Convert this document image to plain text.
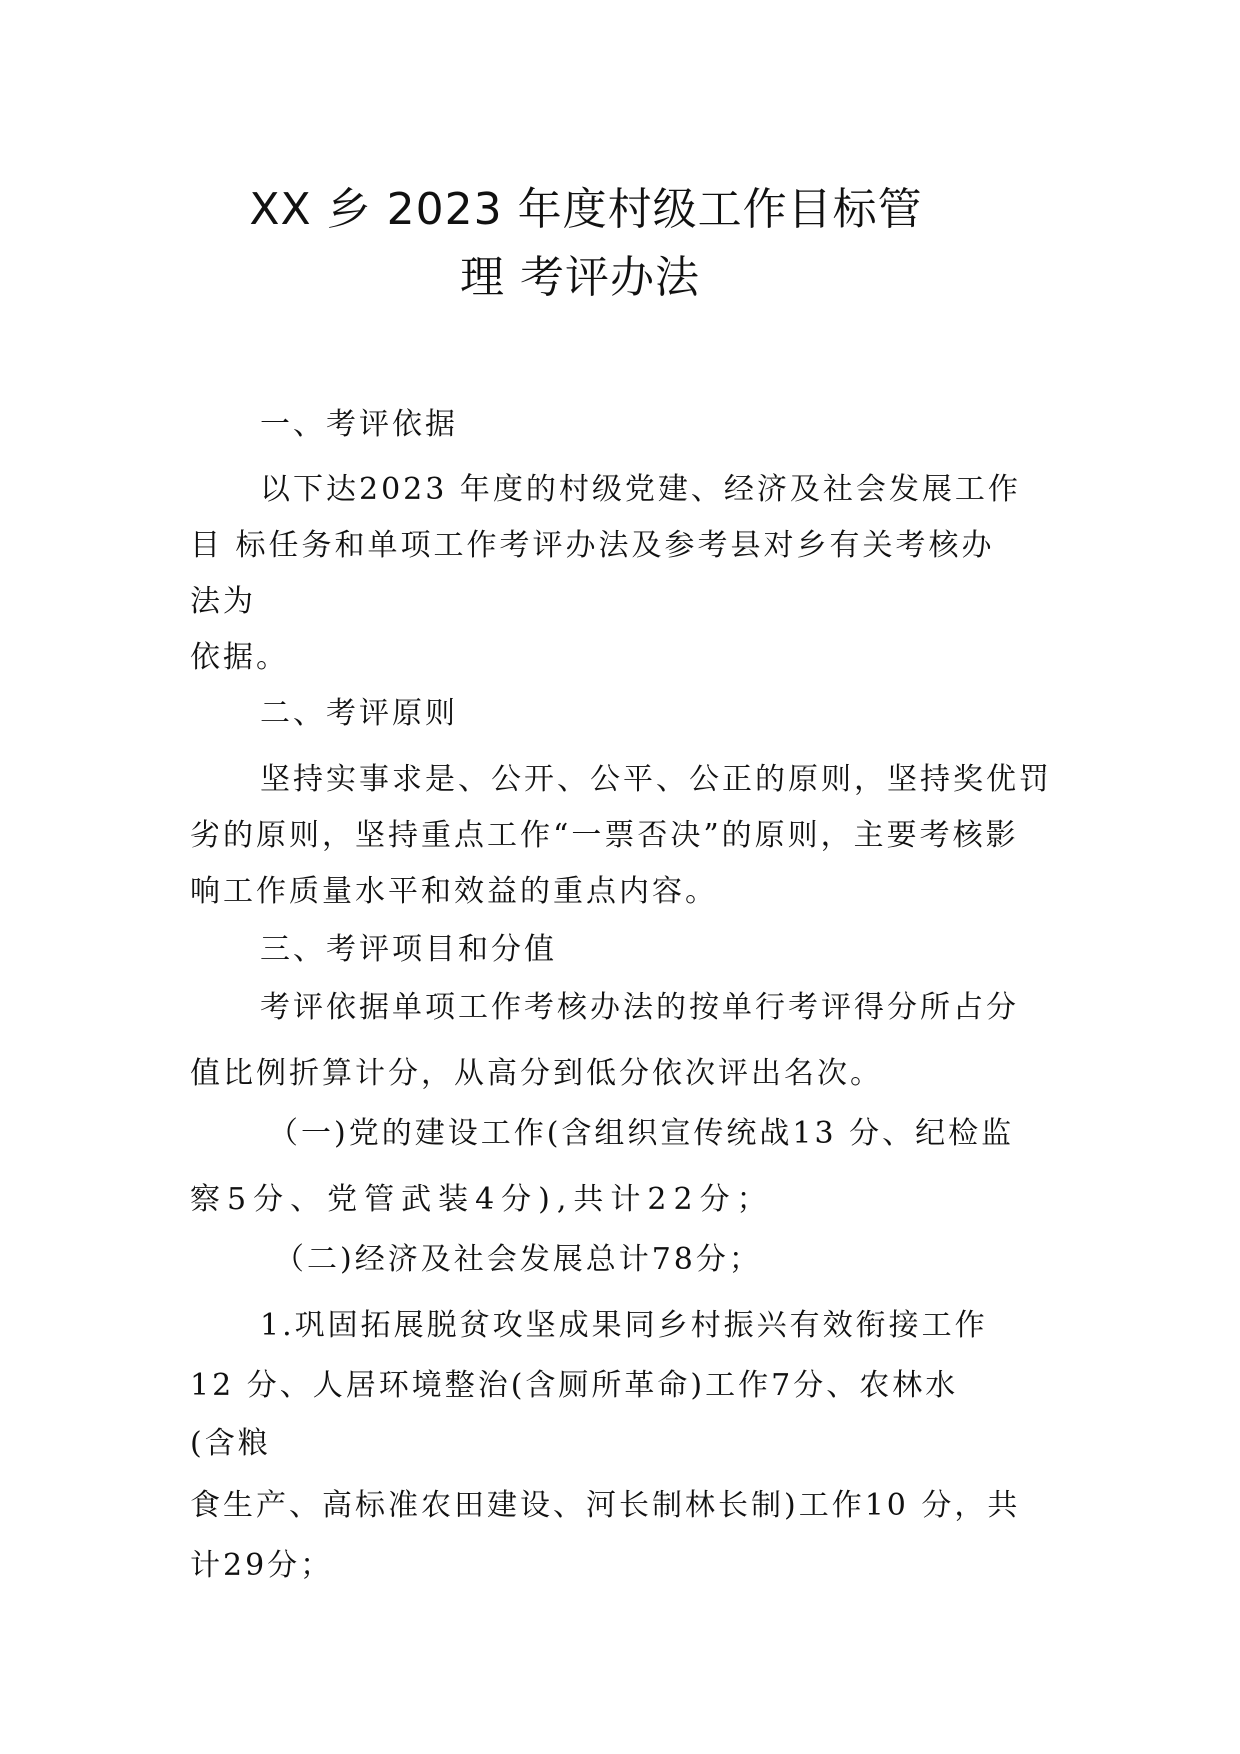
XX 乡 2023 年度村级工作目标管
理 考评办法
一、考评依据
以下达2023 年度的村级党建、经济及社会发展工作
目 标任务和单项工作考评办法及参考县对乡有关考核办
法为
依据。
二、考评原则
坚持实事求是、公开、公平、公正的原则，坚持奖优罚
劣的原则，坚持重点工作“一票否决”的原则，主要考核影
响工作质量水平和效益的重点内容。
三、考评项目和分值
考评依据单项工作考核办法的按单行考评得分所占分
值比例折算计分，从高分到低分依次评出名次。
（一)党的建设工作(含组织宣传统战13 分、纪检监
察5分、党管武装4分),共计22分；
（二)经济及社会发展总计78分；
1.巩固拓展脱贫攻坚成果同乡村振兴有效衔接工作
12 分、人居环境整治(含厕所革命)工作7分、农林水
(含粮
食生产、高标准农田建设、河长制林长制)工作10 分，共
计29分；
